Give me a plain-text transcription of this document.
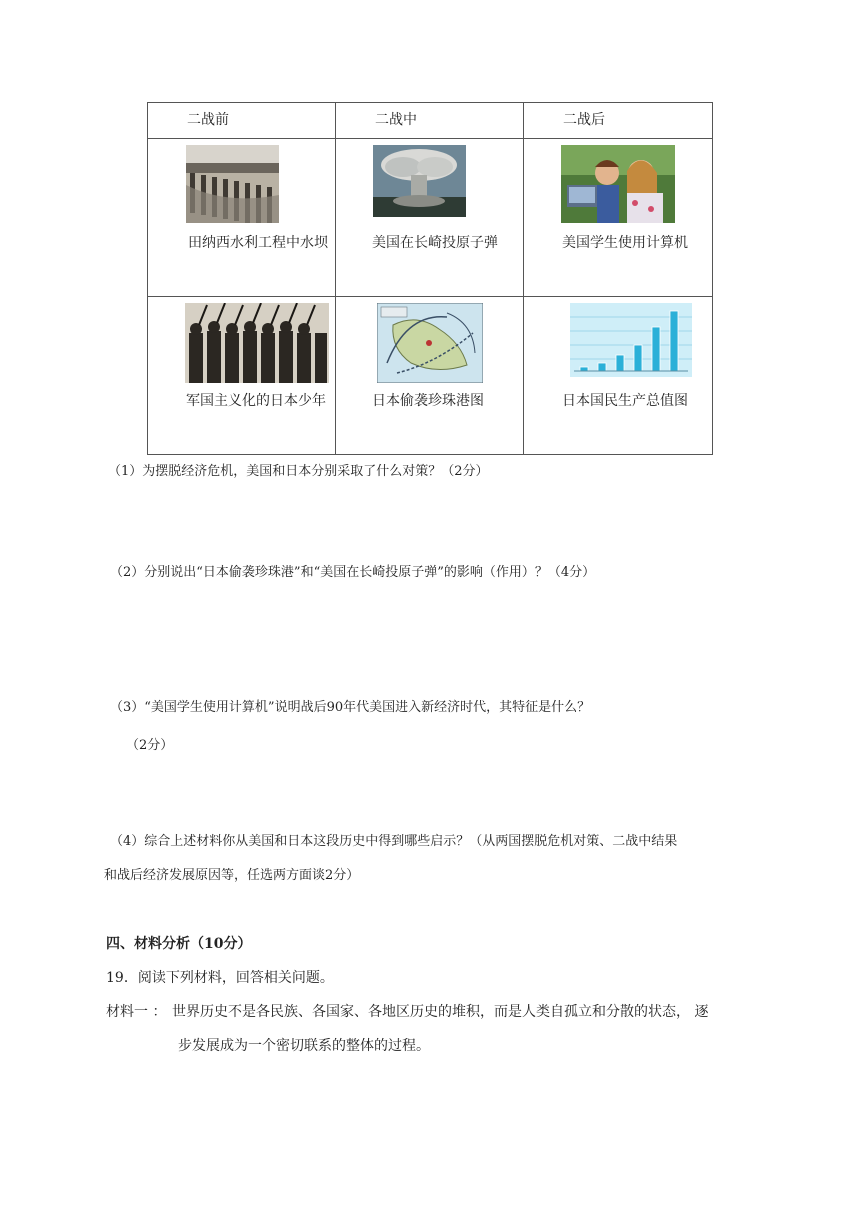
二战前	二战中	二战后

田纳西水利工程中水坝	美国在长崎投原子弹	美国学生使用计算机

军国主义化的日本少年	日本偷袭珍珠港图	日本国民生产总值图
（1）为摆脱经济危机，美国和日本分别采取了什么对策？（2分）
（2）分别说出“日本偷袭珍珠港”和“美国在长崎投原子弹”的影响（作用）？（4分）
（3）“美国学生使用计算机”说明战后90年代美国进入新经济时代，其特征是什么？
（2分）
（4）综合上述材料你从美国和日本这段历史中得到哪些启示？（从两国摆脱危机对策、二战中结果
和战后经济发展原因等，任选两方面谈2分）
四、材料分析（10分）
19．阅读下列材料，回答相关问题。
材料一 ： 世界历史不是各民族、各国家、各地区历史的堆积，而是人类自孤立和分散的状态， 逐
步发展成为一个密切联系的整体的过程。
